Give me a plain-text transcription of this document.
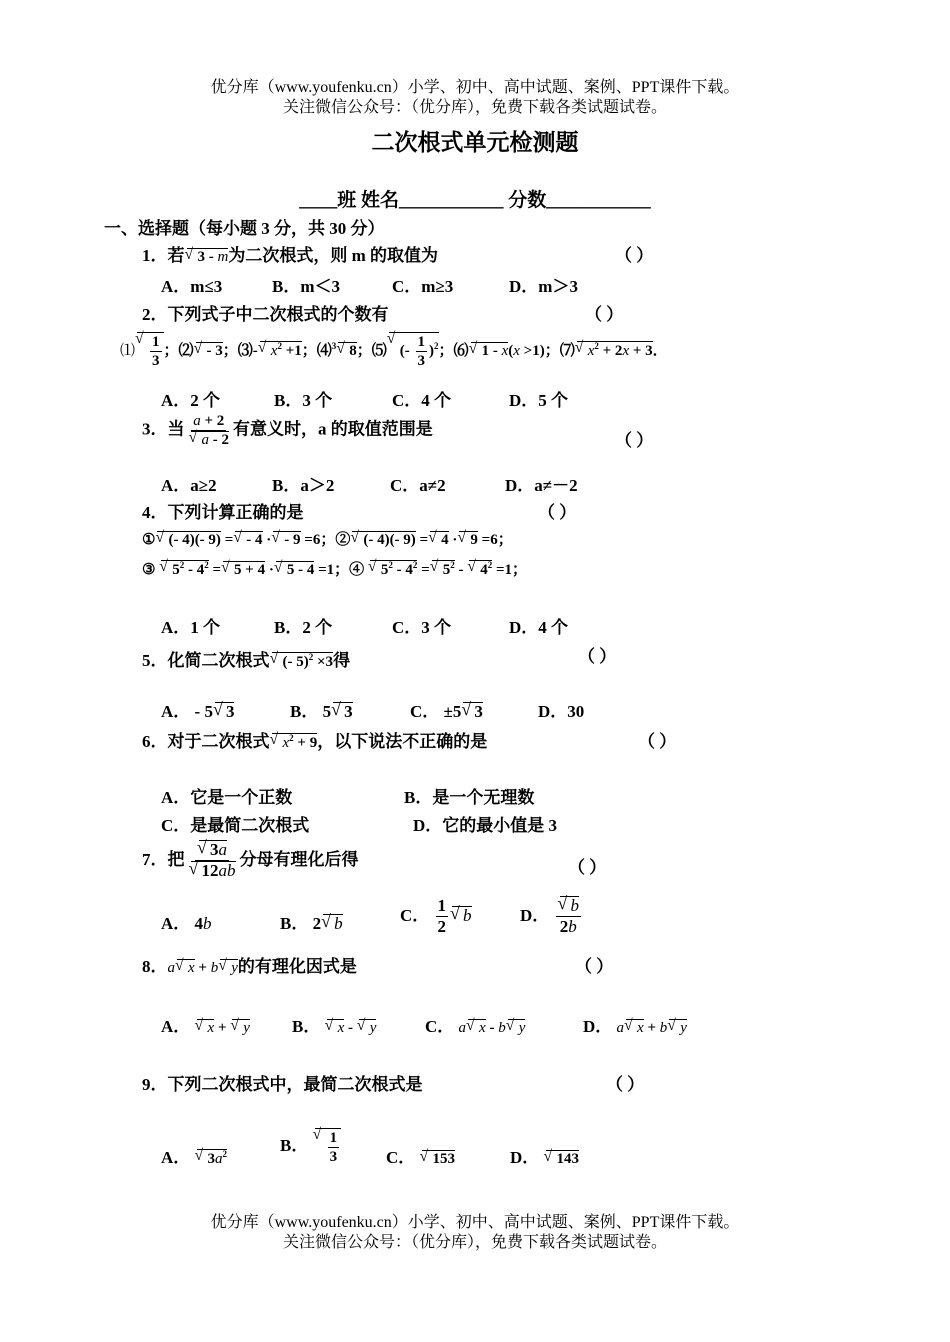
优分库（www.youfenku.cn）小学、初中、高中试题、案例、PPT课件下载。
关注微信公众号：（优分库），免费下载各类试题试卷。
二次根式单元检测题
____班 姓名___________ 分数___________
一、选择题（每小题 3 分，共 30 分）
1．若 √ 3 - m为二次根式，则 m 的取值为	（ ）
A．m≤3	B．m＜3	C．m≥3	D．m＞3
2．下列式子中二次根式的个数有	（ ）
⑴ √ $\frac{1}{3}$ ；⑵ √ - 3；⑶- √ $x^2 +1$；⑷$^3$ √ 8；⑸ √ (- $\frac{1}{3} )^2$；⑹ √ 1 - x(x >1)；⑺ √ $x^2 + 2x + 3$．
A．2 个	B．3 个	C．4 个	D．5 个
3．当 a + 2
√ a - 2 有意义时，a 的取值范围是
（ ）
A．a≥2	B．a＞2	C．a≠2	D．a≠－2
4．下列计算正确的是	（ ）
① √ (- 4)(- 9) = √ - 4 · √ - 9 =6；② √ (- 4)(- 9) = √ 4 · √ 9 =6；
③ √ $5^2 - 4^2$ = √ 5 + 4 · √ 5 - 4 =1；④ √ $5^2 - 4^2$ = √ $5^2$ - √ $4^2 =1$；
A．1 个	B．2 个	C．3 个	D．4 个
5．化简二次根式 √ (- 5)$^2$ ×3得	（ ）
A． - 5 √ 3	B． 5 √ 3	C． ±5 √ 3	D．30
6．对于二次根式 √ $x^2 + 9$，以下说法不正确的是	（ ）
A．它是一个正数	B．是一个无理数
C．是最简二次根式	D．它的最小值是 3
7．把 √ 3a
√ 12ab 分母有理化后得	（ ）
A． 4b	B． 2 √ b	C． $\frac{1}{2}$ √ b	D． √ $\frac{b}{2b}$
8．a √ x + b √ y的有理化因式是	（ ）
A． √ x + √ y B． √ x - √ y	C． a √ x - b √ y	D． a √ x + b √ y
9．下列二次根式中，最简二次根式是	（ ）
A． √ $3a^2$	B． √ $\frac{1}{3}$	C． √ 153	D． √ 143
优分库（www.youfenku.cn）小学、初中、高中试题、案例、PPT课件下载。
关注微信公众号：（优分库），免费下载各类试题试卷。
